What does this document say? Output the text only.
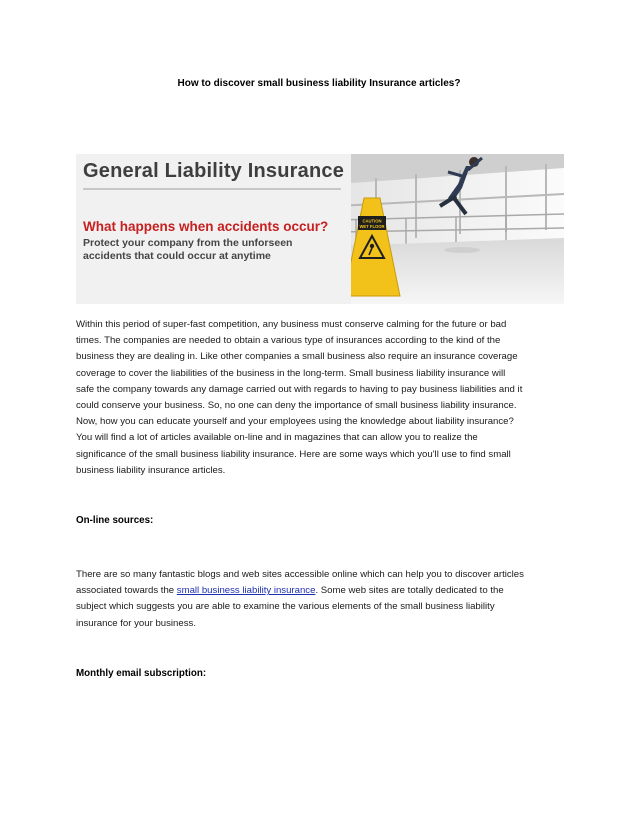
How to discover small business liability Insurance articles?
CAUTION
WET FLOOR
General Liability Insurance
What happens when accidents occur?
Protect your company from the unforseen
accidents that could occur at anytime
Within this period of super-fast competition, any business must conserve calming for the future or bad
times. The companies are needed to obtain a various type of insurances according to the kind of the
business they are dealing in. Like other companies a small business also require an insurance coverage
coverage to cover the liabilities of the business in the long-term. Small business liability insurance will
safe the company towards any damage carried out with regards to having to pay business liabilities and it
could conserve your business. So, no one can deny the importance of small business liability insurance.
Now, how you can educate yourself and your employees using the knowledge about liability insurance?
You will find a lot of articles available on-line and in magazines that can allow you to realize the
significance of the small business liability insurance. Here are some ways which you'll use to find small
business liability insurance articles.
On-line sources:
There are so many fantastic blogs and web sites accessible online which can help you to discover articles
associated towards the small business liability insurance. Some web sites are totally dedicated to the
subject which suggests you are able to examine the various elements of the small business liability
insurance for your business.
Monthly email subscription:
